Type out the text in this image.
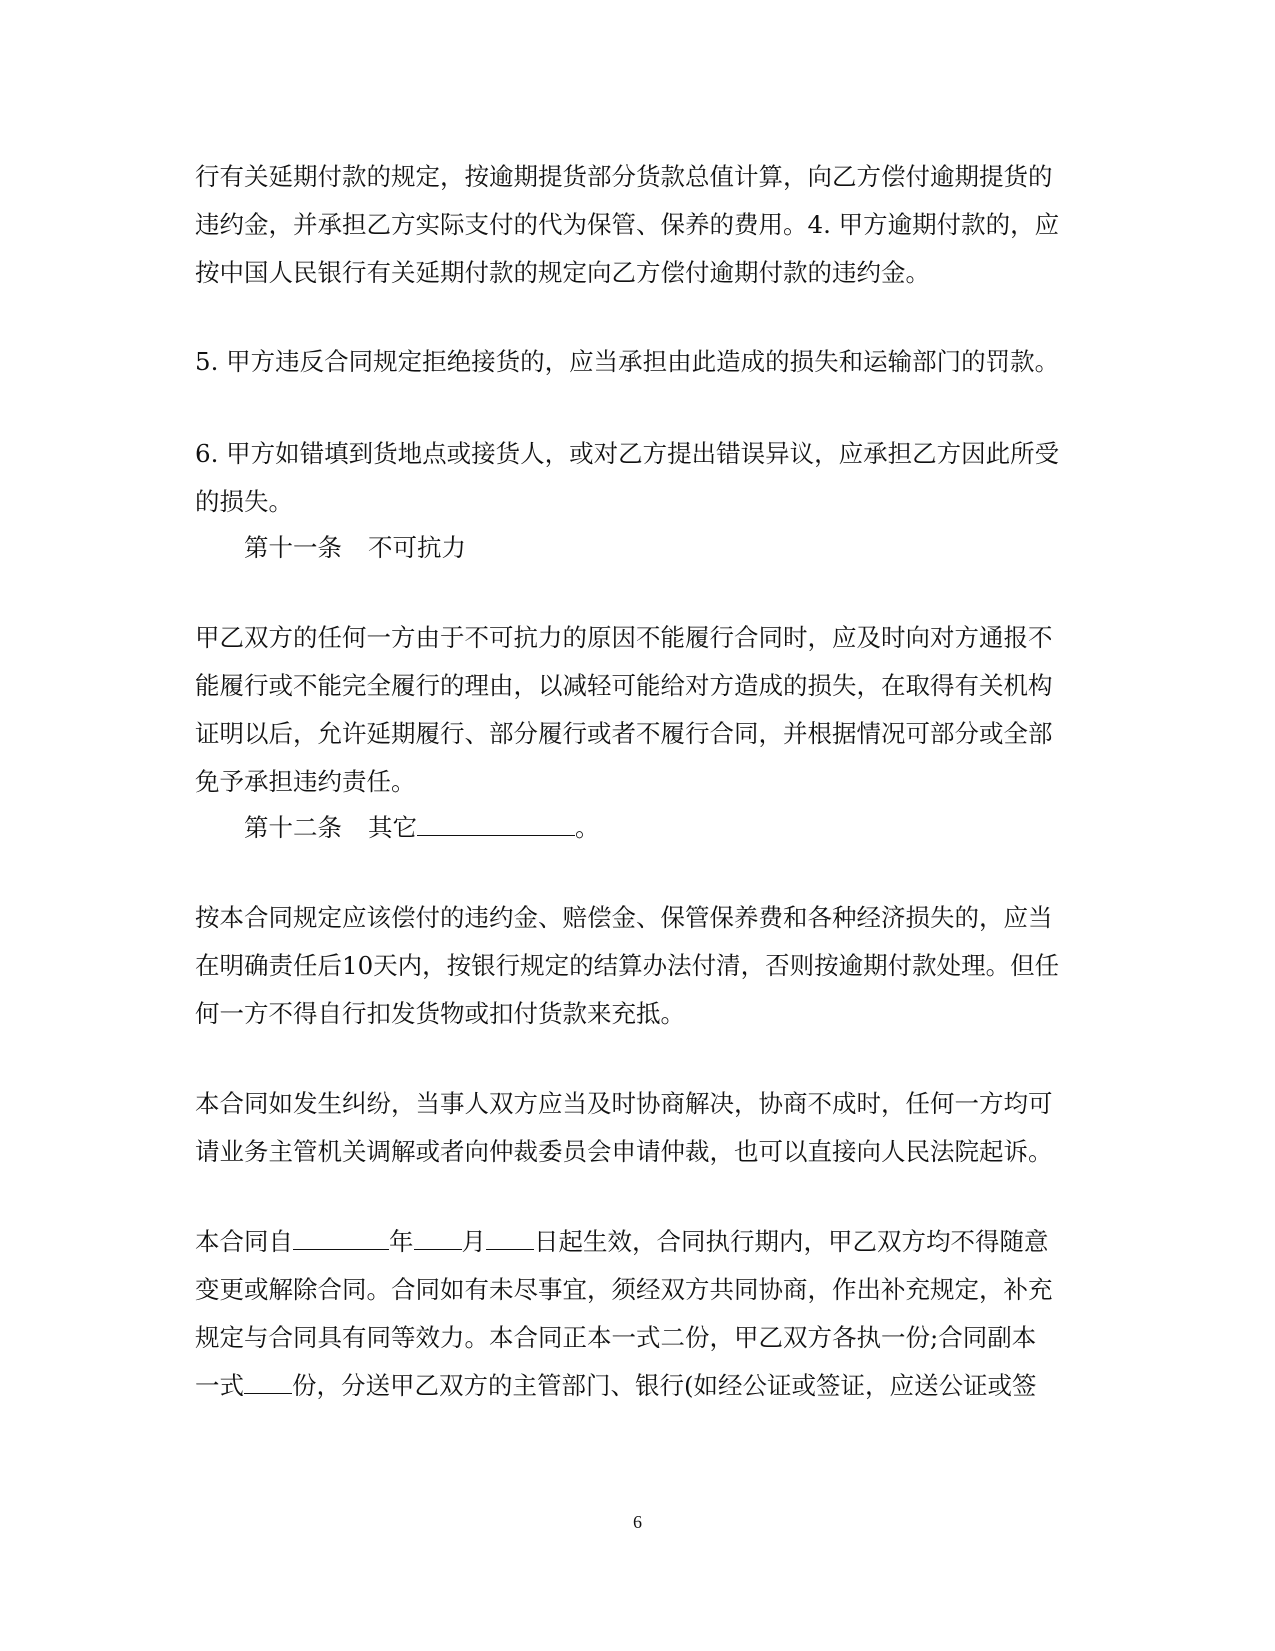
行有关延期付款的规定，按逾期提货部分货款总值计算，向乙方偿付逾期提货的
违约金，并承担乙方实际支付的代为保管、保养的费用。4. 甲方逾期付款的，应
按中国人民银行有关延期付款的规定向乙方偿付逾期付款的违约金。
5. 甲方违反合同规定拒绝接货的，应当承担由此造成的损失和运输部门的罚款。
6. 甲方如错填到货地点或接货人，或对乙方提出错误异议，应承担乙方因此所受
的损失。
第十一条 不可抗力
甲乙双方的任何一方由于不可抗力的原因不能履行合同时，应及时向对方通报不
能履行或不能完全履行的理由，以减轻可能给对方造成的损失，在取得有关机构
证明以后，允许延期履行、部分履行或者不履行合同，并根据情况可部分或全部
免予承担违约责任。
第十二条 其它	。
按本合同规定应该偿付的违约金、赔偿金、保管保养费和各种经济损失的，应当
在明确责任后10天内，按银行规定的结算办法付清，否则按逾期付款处理。但任
何一方不得自行扣发货物或扣付货款来充抵。
本合同如发生纠纷，当事人双方应当及时协商解决，协商不成时，任何一方均可
请业务主管机关调解或者向仲裁委员会申请仲裁，也可以直接向人民法院起诉。
本合同自	年 月 日起生效，合同执行期内，甲乙双方均不得随意
变更或解除合同。合同如有未尽事宜，须经双方共同协商，作出补充规定，补充
规定与合同具有同等效力。本合同正本一式二份，甲乙双方各执一份;合同副本
一式 份，分送甲乙双方的主管部门、银行(如经公证或签证，应送公证或签
6
